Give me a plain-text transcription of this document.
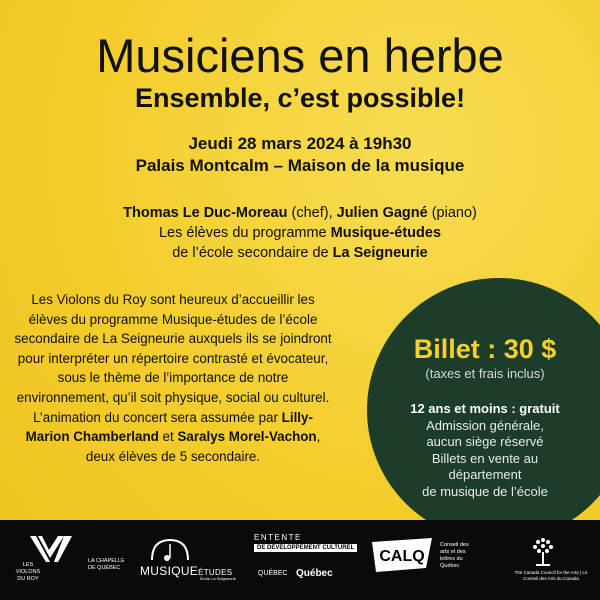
Musiciens en herbe
Ensemble, c’est possible!
Jeudi 28 mars 2024 à 19h30
Palais Montcalm – Maison de la musique
Thomas Le Duc-Moreau (chef), Julien Gagné (piano)
Les élèves du programme Musique-études
de l’école secondaire de La Seigneurie
Les Violons du Roy sont heureux d’accueillir les élèves du programme Musique-études de l’école secondaire de La Seigneurie auxquels ils se joindront pour interpréter un répertoire contrasté et évocateur, sous le thème de l’importance de notre environnement, qu’il soit physique, social ou culturel. L’animation du concert sera assumée par Lilly-Marion Chamberland et Saralys Morel-Vachon, deux élèves de 5 secondaire.
Billet : 30 $
(taxes et frais inclus)
12 ans et moins : gratuit
Admission générale,
aucun siège réservé
Billets en vente au
département
de musique de l’école
LES VIOLONS DU ROY
LA CHAPELLE DE QUÉBEC	MUSIQUEÉTUDES
École La Seigneurie
ENTENTE
DE DÉVELOPPEMENT CULTUREL
QUÉBEC Québec
CALQ
Conseil des arts et des lettres du Québec
The Canada Council for the Arts | Le Conseil des Arts du Canada
